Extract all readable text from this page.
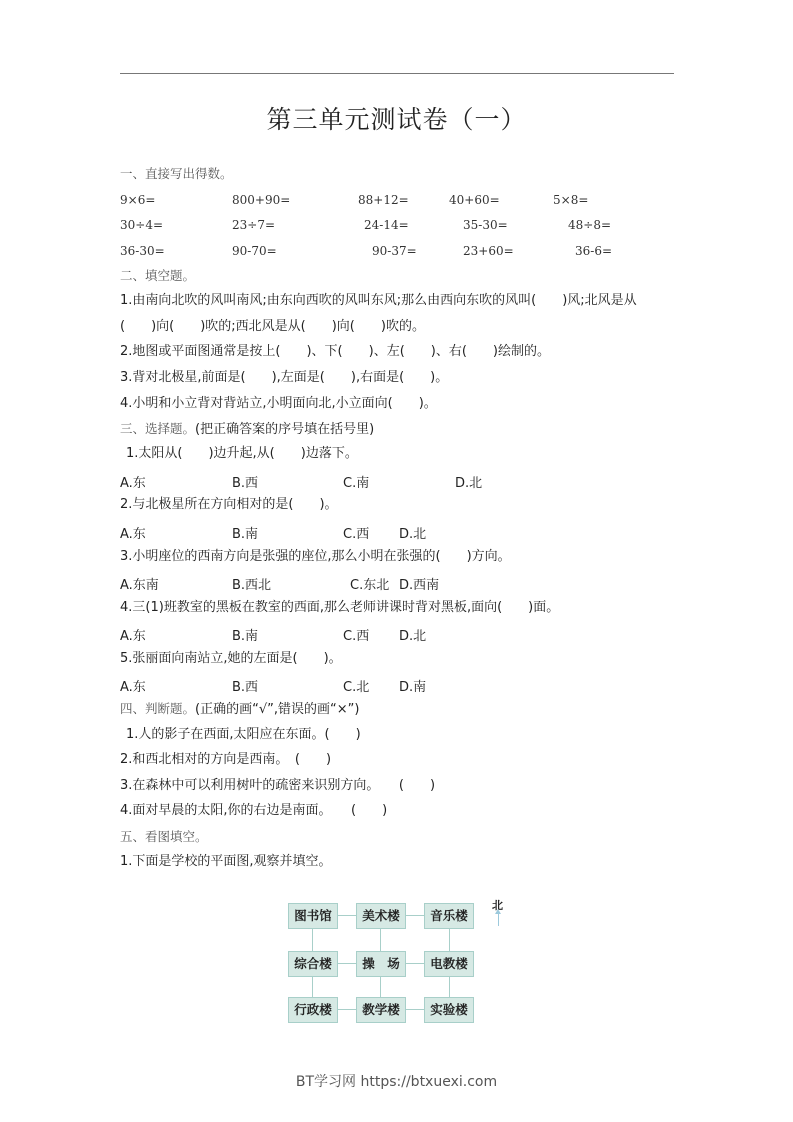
第三单元测试卷（一）
一、直接写出得数。
9×6=	800+90=	88+12=	40+60=	5×8=
30÷4=	23÷7=	24-14=	35-30=	48÷8=
36-30=	90-70=	90-37=	23+60=	36-6=
二、填空题。
1.由南向北吹的风叫南风;由东向西吹的风叫东风;那么由西向东吹的风叫(　　)风;北风是从
(　　)向(　　)吹的;西北风是从(　　)向(　　)吹的。
2.地图或平面图通常是按上(　　)、下(　　)、左(　　)、右(　　)绘制的。
3.背对北极星,前面是(　　),左面是(　　),右面是(　　)。
4.小明和小立背对背站立,小明面向北,小立面向(　　)。
三、选择题。(把正确答案的序号填在括号里)
1.太阳从(　　)边升起,从(　　)边落下。
A.东	B.西	C.南	D.北
2.与北极星所在方向相对的是(　　)。
A.东	B.南	C.西 D.北
3.小明座位的西南方向是张强的座位,那么小明在张强的(　　)方向。
A.东南	B.西北	C.东北 D.西南
4.三(1)班教室的黑板在教室的西面,那么老师讲课时背对黑板,面向(　　)面。
A.东	B.南	C.西 D.北
5.张丽面向南站立,她的左面是(　　)。
A.东	B.西	C.北 D.南
四、判断题。(正确的画“√”,错误的画“×”)
1.人的影子在西面,太阳应在东面。(　　)
2.和西北相对的方向是西南。　(　　)
3.在森林中可以利用树叶的疏密来识别方向。　　(　　)
4.面对早晨的太阳,你的右边是南面。　　(　　)
五、看图填空。
1.下面是学校的平面图,观察并填空。
图书馆	美术楼	音乐楼
综合楼	操　场	电教楼
行政楼	教学楼	实验楼
北
BT学习网 https://btxuexi.com
